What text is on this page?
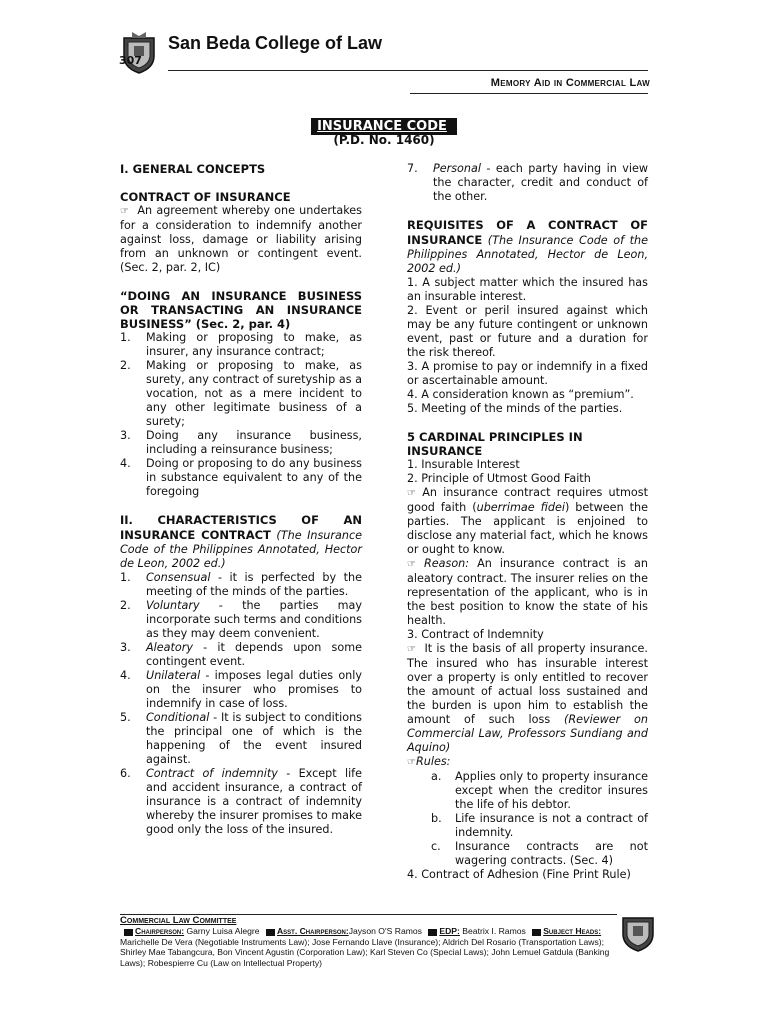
307
San Beda College of Law
Memory Aid in Commercial Law
INSURANCE CODE
(P.D. No. 1460)
I. GENERAL CONCEPTS
CONTRACT OF INSURANCE
☞ An agreement whereby one undertakes for a consideration to indemnify another against loss, damage or liability arising from an unknown or contingent event. (Sec. 2, par. 2, IC)
“DOING AN INSURANCE BUSINESS OR TRANSACTING AN INSURANCE BUSINESS” (Sec. 2, par. 4)
1. Making or proposing to make, as insurer, any insurance contract;
2. Making or proposing to make, as surety, any contract of suretyship as a vocation, not as a mere incident to any other legitimate business of a surety;
3. Doing any insurance business, including a reinsurance business;
4. Doing or proposing to do any business in substance equivalent to any of the foregoing
II. CHARACTERISTICS OF AN INSURANCE CONTRACT (The Insurance Code of the Philippines Annotated, Hector de Leon, 2002 ed.)
1. Consensual - it is perfected by the meeting of the minds of the parties.
2. Voluntary - the parties may incorporate such terms and conditions as they may deem convenient.
3. Aleatory - it depends upon some contingent event.
4. Unilateral - imposes legal duties only on the insurer who promises to indemnify in case of loss.
5. Conditional - It is subject to conditions the principal one of which is the happening of the event insured against.
6. Contract of indemnity - Except life and accident insurance, a contract of insurance is a contract of indemnity whereby the insurer promises to make good only the loss of the insured.
7. Personal - each party having in view the character, credit and conduct of the other.
REQUISITES OF A CONTRACT OF INSURANCE (The Insurance Code of the Philippines Annotated, Hector de Leon, 2002 ed.)
1. A subject matter which the insured has an insurable interest.
2. Event or peril insured against which may be any future contingent or unknown event, past or future and a duration for the risk thereof.
3. A promise to pay or indemnify in a fixed or ascertainable amount.
4. A consideration known as “premium”.
5. Meeting of the minds of the parties.
5 CARDINAL PRINCIPLES IN INSURANCE
1. Insurable Interest
2. Principle of Utmost Good Faith
☞ An insurance contract requires utmost good faith (uberrimae fidei) between the parties. The applicant is enjoined to disclose any material fact, which he knows or ought to know.
☞ Reason: An insurance contract is an aleatory contract. The insurer relies on the representation of the applicant, who is in the best position to know the state of his health.
3. Contract of Indemnity
☞ It is the basis of all property insurance. The insured who has insurable interest over a property is only entitled to recover the amount of actual loss sustained and the burden is upon him to establish the amount of such loss (Reviewer on Commercial Law, Professors Sundiang and Aquino)
☞Rules:
a. Applies only to property insurance except when the creditor insures the life of his debtor.
b. Life insurance is not a contract of indemnity.
c. Insurance contracts are not wagering contracts. (Sec. 4)
4. Contract of Adhesion (Fine Print Rule)
Commercial Law Committee
Chairperson: Garny Luisa Alegre Asst. Chairperson:Jayson O'S Ramos EDP: Beatrix I. Ramos Subject Heads:
Marichelle De Vera (Negotiable Instruments Law); Jose Fernando Llave (Insurance); Aldrich Del Rosario (Transportation Laws);
Shirley Mae Tabangcura, Bon Vincent Agustin (Corporation Law); Karl Steven Co (Special Laws); John Lemuel Gatdula (Banking Laws); Robespierre Cu (Law on Intellectual Property)
